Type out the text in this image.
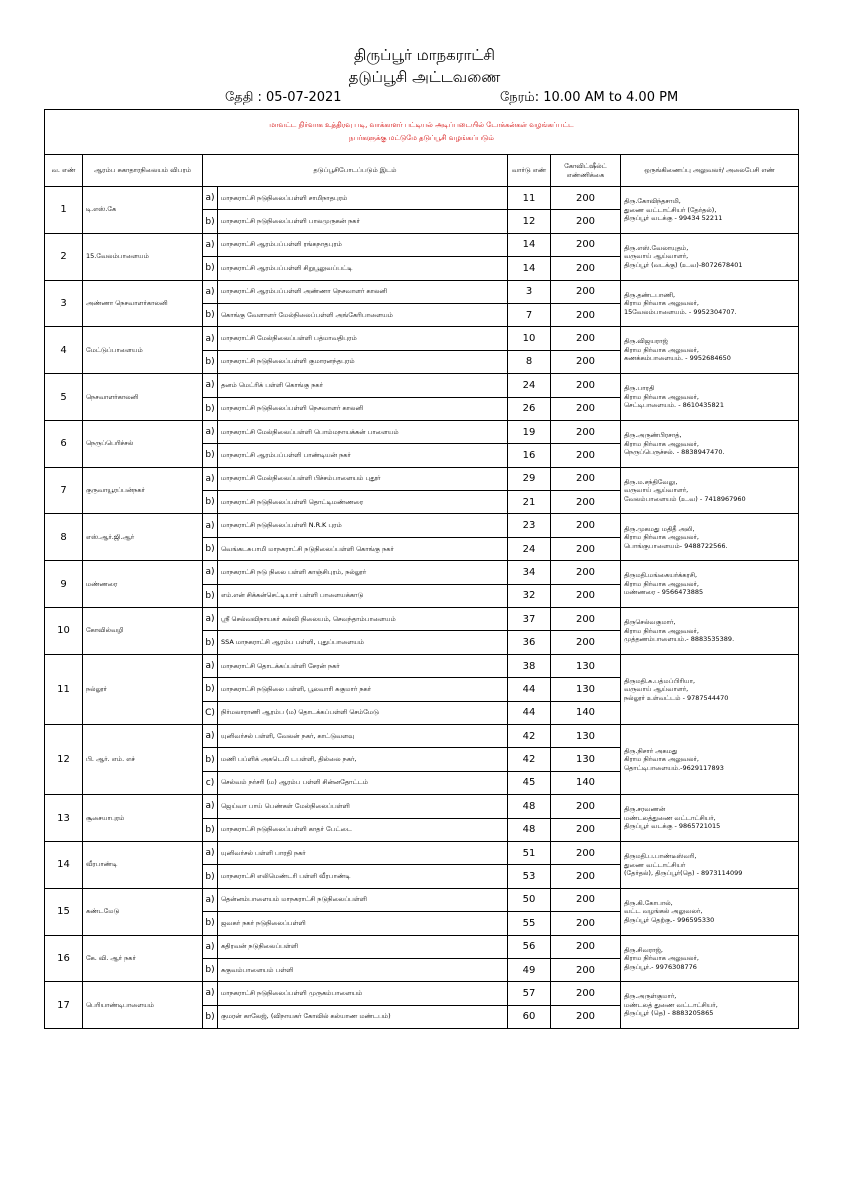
திருப்பூர் மாநகராட்சி
தடுப்பூசி அட்டவணை
தேதி : 05-07-2021	நேரம்: 10.00 AM to 4.00 PM
மாவட்ட நிர்வாக உத்திரவு படி, வாக்காளர் பட்டியல் அடிப்படையில் டோக்கன்கள் வழங்கப்பட்ட
நபர்களுக்கு மட்டுமே தடுப்பூசி வழங்கப்படும்						

வ. எண்	ஆரம்ப சுகாதாரநிலையம் விபரம்	தடுப்பூசிபோடப்படும் இடம்		வார்டு எண்	கோவிட்ஷீல்ட் எண்ணிக்கை	ஒருங்கிணைப்பு அலுவலர்/ அலைபேசி எண்
1	டி.எஸ்.கே	a)	மாநகராட்சி நடுநிலைப்பள்ளி சாமிநாதபுரம்	11	200	திரு.கோவிந்தசாமி,
துணை வட்டாட்சியர் (தேர்தல்),
திருப்பூர் வடக்கு - 99434 52211

		b)	மாநகராட்சி நடுநிலைப்பள்ளி பாலமுருகன் நகர்	12	200	
2	15.வேலம்பாளையம்	a)	மாநகராட்சி ஆரம்பப்பள்ளி ரங்கநாதபுரம்	14	200	திரு.எஸ்.வேலாயுதம்,
வருவாய் ஆய்வாளர்,
திருப்பூர் (வடக்கு) (உ.வ)-8072678401

		b)	மாநகராட்சி ஆரம்பப்பள்ளி சிறுபூலுவப்பட்டி	14	200	
3	அண்ணா நெசவாளர்காலனி	a)	மாநகராட்சி ஆரம்பப்பள்ளி அண்ணா நெசவாளர் காலனி	3	200	திரு.தண்டபாணி,
கிராம நிர்வாக அலுவலர்,
15வேலம்பாளையம். - 9952304707.

		b)	கொங்கு வேளாளர் மேல்நிலைப்பள்ளி அங்கேரிபாளையம்	7	200	
4	மேட்டுப்பாளையம்	a)	மாநகராட்சி மேல்நிலைப்பள்ளி பத்மாவதிபுரம்	10	200	திரு.விஜயராஜ்
கிராம நிர்வாக அலுவலர்,
கணக்கம்பாளையம். - 9952684650

		b)	மாநகராட்சி நடுநிலைப்பள்ளி குமாரனந்தபுரம்	8	200	
5	நெசவாளர்காலனி	a)	தனம் மெட்ரிக் பள்ளி கொங்கு நகர்	24	200	திரு.பாரதி
கிராம நிர்வாக அலுவலர்,
செட்டிபாளையம். - 8610435821

		b)	மாநகராட்சி நடுநிலைப்பள்ளி நெசவாளர் காலனி	26	200	
6	நெருப்பெரிச்சல்	a)	மாநகராட்சி மேல்நிலைப்பள்ளி பொம்மநாயக்கன் பாளையம்	19	200	திரு.அருண்பிரசாத்,
கிராம நிர்வாக அலுவலர்,
நெருப்பெருச்சல். - 8838947470.

		b)	மாநகராட்சி ஆரம்பப்பள்ளி பாண்டியன் நகர்	16	200	
7	குருவாயூரப்பன்நகர்	a)	மாநகராட்சி மேல்நிலைப்பள்ளி பிச்சம்பாளையம் புதூர்	29	200	திரு.ம.சந்திவேலு,
வருவாய் ஆய்வாளர்,
வேலம்பாளையம் (உ.வ) - 7418967960

		b)	மாநகராட்சி நடுநிலைப்பள்ளி தொட்டிமண்ணரை	21	200	
8	எஸ்.ஆர்.ஜி.ஆர்	a)	மாநகராட்சி நடுநிலைப்பள்ளி N.R.K புரம்	23	200	திரு.முகமது மதிதீ அலி,
கிராம நிர்வாக அலுவலர்,
பொங்குபாளையம்- 9488722566.

		b)	வெங்கடசுபாமி மாநகராட்சி நடுநிலைப்பள்ளி கொங்கு நகர்	24	200	
9	மண்ணரை	a)	மாநகராட்சி நடு நிலை பள்ளி காஞ்சிபுரம், நல்லூர்	34	200	திருமதி.மங்கையர்க்கரசி,
கிராம நிர்வாக அலுவலர்,
மண்ணரை - 9566473885

		b)	எம்.என் சிக்கன்செட்டியார் பள்ளி பாளையக்காடு	32	200	
10	கோவில்வழி	a)	ஸ்ரீ செல்வவிநாயகர் கல்வி நிலையம், செவந்தாம்பாளையம்	37	200	திருசெல்வகுமார்,
கிராம நிர்வாக அலுவலர்,
முத்தணம்பாளையம்.- 8883535389.

		b)	SSA மாநகராட்சி ஆரம்ப பள்ளி, புதுப்பாளையம்	36	200	
11	நல்லூர்	a)	மாநகராட்சி தொடக்கப்பள்ளி சேரன் நகர்	38	130	திருமதி.சு.பத்மப்பிரியா,
வருவாய் ஆய்வாளர்,
நல்லூர் உள்வட்டம் - 9787544470

		b)	மாநகராட்சி நடுநிலை பள்ளி, பூலவாரி சுகுமார் நகர்	44	130	
		C)	நிர்மலாராணி ஆரம்ப (ம) தொடக்கப்பள்ளி செம்மேடு	44	140	
12	பி. ஆர். எம். எச்	a)	யுனிவர்சல் பள்ளி, வேலன் நகர், காட்டுவளவு	42	130	திரு.நிசார் அகமது
கிராம நிர்வாக அலுவலர்,
தொட்டிபாளையம்.-9629117893

		b)	மணி பப்ளிக் அகடெமி டபள்ளி, தில்லை நகர்,	42	130	
		c)	செல்வம் நர்சரி (ம) ஆரம்ப பள்ளி சின்னதோட்டம்	45	140	
13	சூசையாபுரம்	a)	ஜெய்வா பாய் பெண்கள் மேல்நிலைப்பள்ளி	48	200	திரு.சரவணன்
மண்டலத்துணை வட்டாட்சியர்,
திருப்பூர் வடக்கு - 9865721015

		b)	மாநகராட்சி நடுநிலைப்பள்ளி காதர் பேட்டை	48	200	
14	வீரபாண்டி	a)	யுனிவர்சல் பள்ளி பாரதி நகர்	51	200	திருமதி.ப.பாண்டீஸ்வரி,
துணை வட்டாட்சியர்
(தேர்தல்), திருப்பூர்(தெ) - 8973114099

		b)	மாநகராட்சி எலிமெண்டரி பள்ளி வீரபாண்டி	53	200	
15	கண்டமேடு	a)	தென்னம்பாளையம் மாநகராட்சி நடுநிலைப்பள்ளி	50	200	திரு.கி.கோபால்,
வட்ட வழங்கல் அலுவலர்,
திருப்பூர் தெற்கு.- 996595330

		b)	ஜவகர் நகர் நடுநிலைப்பள்ளி	55	200	
16	கே. வி. ஆர் நகர்	a)	கதிரவன் நடுநிலைப்பள்ளி	56	200	திரு.சிவராஜ்,
கிராம நிர்வாக அலுவலர்,
திருப்பூர்.- 9976308776

		b)	சுகுவம்பாளையம் பள்ளி	49	200	
17	பெரியாண்டிபாளையம்	a)	மாநகராட்சி நடுநிலைப்பள்ளி முருகம்பாளையம்	57	200	திரு.அருள்குமார்,
மண்டலத் துணை வட்டாட்சியர்,
திருப்பூர் (தெ) - 8883205865

		b)	குமரன் காலேஜ், (விநாயகர் கோவில் கல்யாண மண்டபம்)	60	200	
